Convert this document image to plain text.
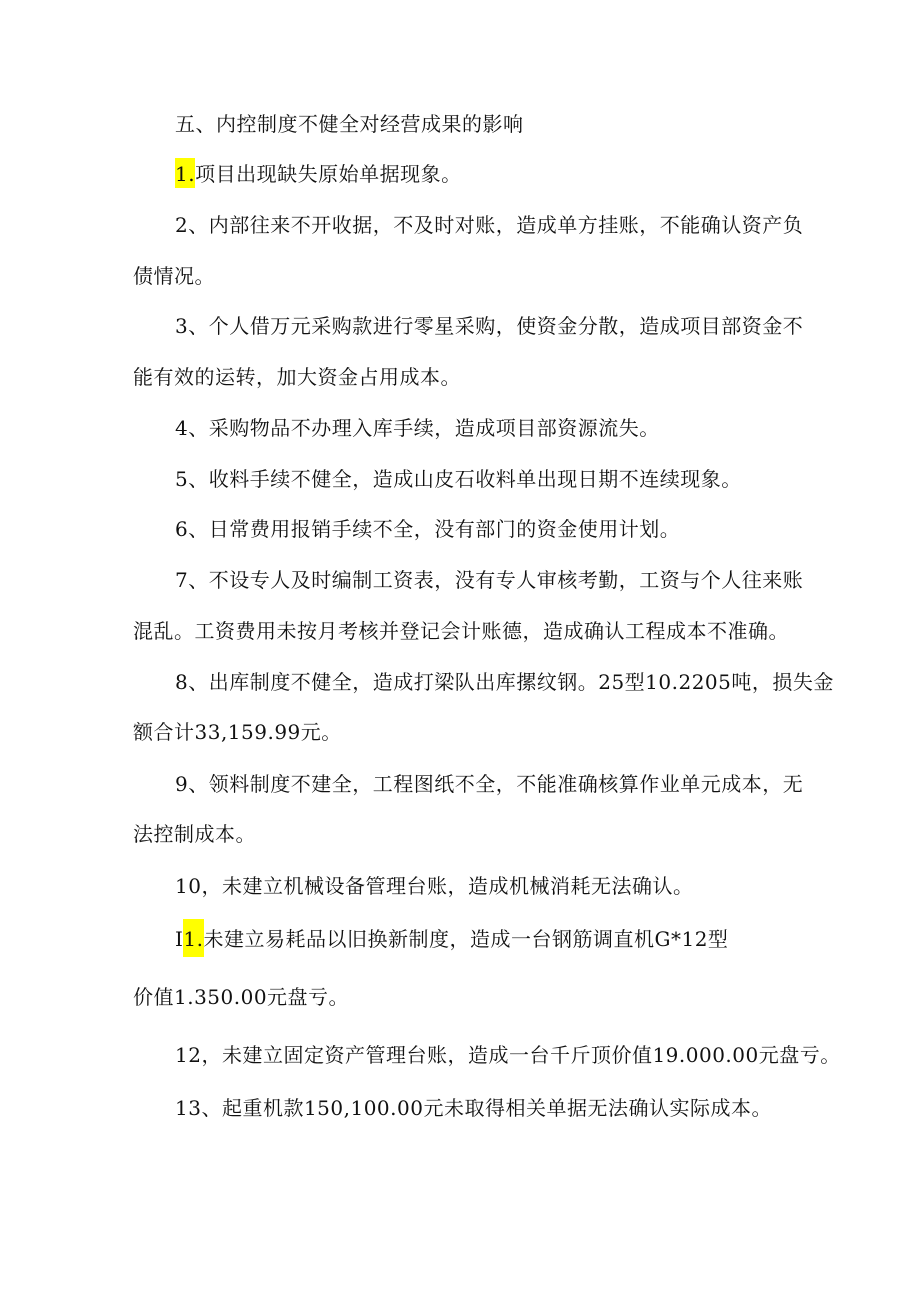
五、内控制度不健全对经营成果的影响
1.项目出现缺失原始单据现象。
2、内部往来不开收据，不及时对账，造成单方挂账，不能确认资产负
债情况。
3、个人借万元采购款进行零星采购，使资金分散，造成项目部资金不
能有效的运转，加大资金占用成本。
4、采购物品不办理入库手续，造成项目部资源流失。
5、收料手续不健全，造成山皮石收料单出现日期不连续现象。
6、日常费用报销手续不全，没有部门的资金使用计划。
7、不设专人及时编制工资表，没有专人审核考勤，工资与个人往来账
混乱。工资费用未按月考核并登记会计账德，造成确认工程成本不准确。
8、出库制度不健全，造成打梁队出库摞纹钢。25型10.2205吨，损失金
额合计33,159.99元。
9、领料制度不建全，工程图纸不全，不能准确核算作业单元成本，无
法控制成本。
10，未建立机械设备管理台账，造成机械消耗无法确认。
I1.未建立易耗品以旧换新制度，造成一台钢筋调直机G*12型
价值1.350.00元盘亏。
12，未建立固定资产管理台账，造成一台千斤顶价值19.000.00元盘亏。
13、起重机款150,100.00元未取得相关单据无法确认实际成本。
